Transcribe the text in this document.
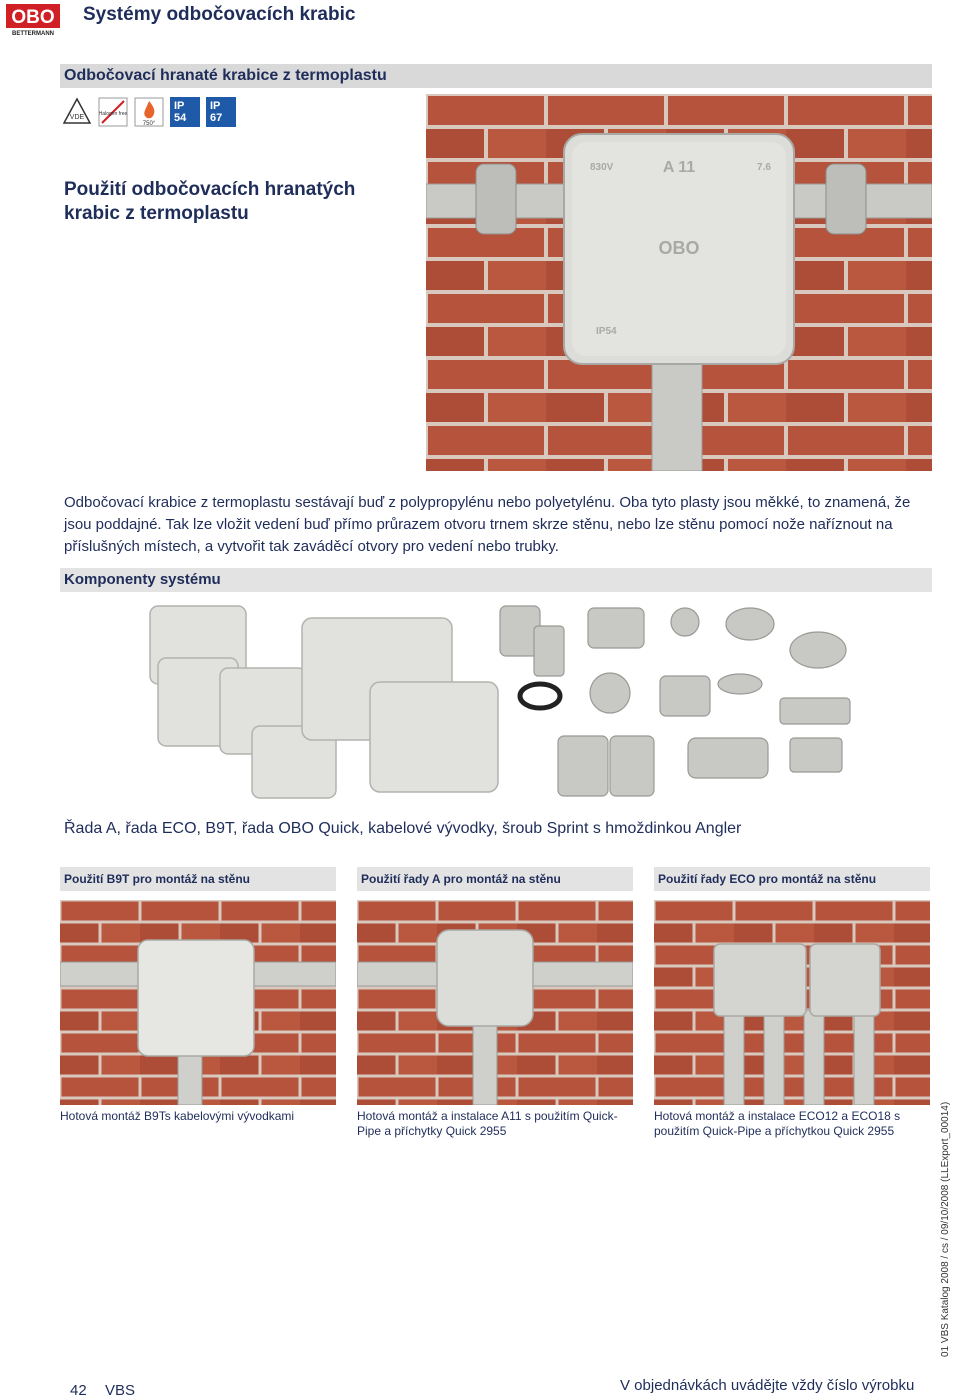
OBO
BETTERMANN
Systémy odbočovacích krabic
Odbočovací hranaté krabice z termoplastu
VDE	Halogen free
750°
IP
54
IP
67
Použití odbočovacích hranatých
krabic z termoplastu
830V	A 11	7.6
OBO
IP54
Odbočovací krabice z termoplastu sestávají buď z polypropylénu nebo polyetylénu. Oba tyto plasty jsou měkké, to znamená, že jsou poddajné. Tak lze vložit vedení buď přímo průrazem otvoru trnem skrze stěnu, nebo lze stěnu pomocí nože naříznout na příslušných místech, a vytvořit tak zaváděcí otvory pro vedení nebo trubky.
Komponenty systému
Řada A, řada ECO, B9T, řada OBO Quick, kabelové vývodky, šroub Sprint s hmoždinkou Angler
Použití B9T pro montáž na stěnu	Použití řady A pro montáž na stěnu	Použití řady ECO pro montáž na stěnu
Hotová montáž B9Ts kabelovými vývodkami	Hotová montáž a instalace A11 s použitím Quick-Pipe a příchytky Quick 2955
Hotová montáž a instalace ECO12 a ECO18 s použitím Quick-Pipe a příchytkou Quick 2955	01 VBS Katalog 2008 / cs / 09/10/2008 (LLExport_00014)
42 VBS	V objednávkách uvádějte vždy číslo výrobku
